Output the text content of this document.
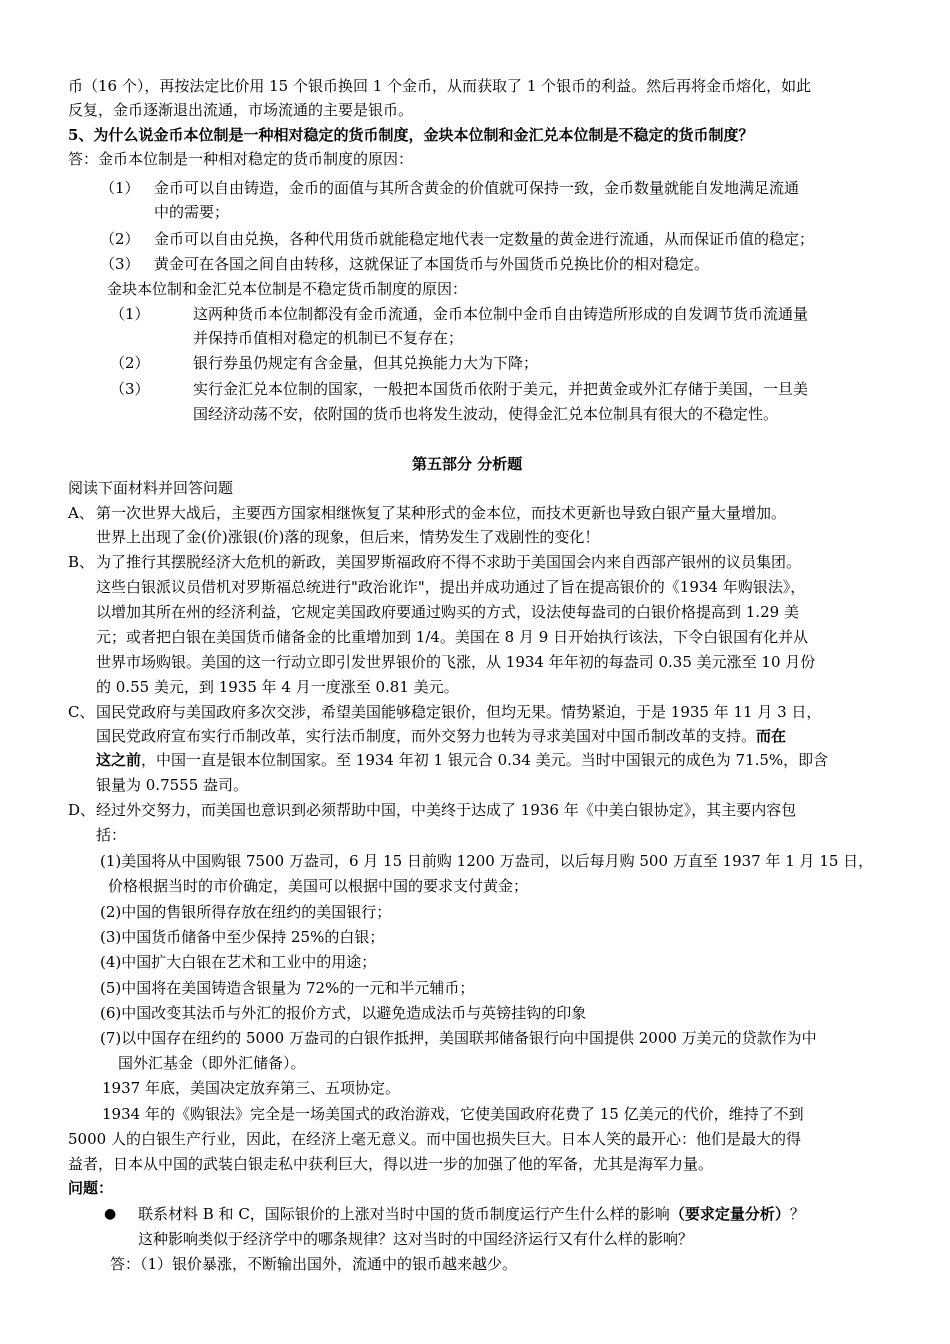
币（16 个），再按法定比价用 15 个银币换回 1 个金币，从而获取了 1 个银币的利益。然后再将金币熔化，如此
反复，金币逐渐退出流通，市场流通的主要是银币。
5、为什么说金币本位制是一种相对稳定的货币制度，金块本位制和金汇兑本位制是不稳定的货币制度？
答：金币本位制是一种相对稳定的货币制度的原因：
（1） 金币可以自由铸造，金币的面值与其所含黄金的价值就可保持一致，金币数量就能自发地满足流通
中的需要；
（2） 金币可以自由兑换，各种代用货币就能稳定地代表一定数量的黄金进行流通，从而保证币值的稳定；
（3） 黄金可在各国之间自由转移，这就保证了本国货币与外国货币兑换比价的相对稳定。
金块本位制和金汇兑本位制是不稳定货币制度的原因：
（1）	这两种货币本位制都没有金币流通，金币本位制中金币自由铸造所形成的自发调节货币流通量
并保持币值相对稳定的机制已不复存在；
（2）	银行券虽仍规定有含金量，但其兑换能力大为下降；
（3）	实行金汇兑本位制的国家，一般把本国货币依附于美元，并把黄金或外汇存储于美国，一旦美
国经济动荡不安，依附国的货币也将发生波动，使得金汇兑本位制具有很大的不稳定性。
第五部分 分析题
阅读下面材料并回答问题
A、 第一次世界大战后，主要西方国家相继恢复了某种形式的金本位，而技术更新也导致白银产量大量增加。
世界上出现了金(价)涨银(价)落的现象，但后来，情势发生了戏剧性的变化！
B、 为了推行其摆脱经济大危机的新政，美国罗斯福政府不得不求助于美国国会内来自西部产银州的议员集团。
这些白银派议员借机对罗斯福总统进行"政治讹诈"，提出并成功通过了旨在提高银价的《1934 年购银法》，
以增加其所在州的经济利益，它规定美国政府要通过购买的方式，设法使每盎司的白银价格提高到 1.29 美
元；或者把白银在美国货币储备金的比重增加到 1/4。美国在 8 月 9 日开始执行该法，下令白银国有化并从
世界市场购银。美国的这一行动立即引发世界银价的飞涨，从 1934 年年初的每盎司 0.35 美元涨至 10 月份
的 0.55 美元，到 1935 年 4 月一度涨至 0.81 美元。
C、 国民党政府与美国政府多次交涉，希望美国能够稳定银价，但均无果。情势紧迫，于是 1935 年 11 月 3 日，
国民党政府宣布实行币制改革，实行法币制度，而外交努力也转为寻求美国对中国币制改革的支持。而在
这之前，中国一直是银本位制国家。至 1934 年初 1 银元合 0.34 美元。当时中国银元的成色为 71.5%，即含
银量为 0.7555 盎司。
D、 经过外交努力，而美国也意识到必须帮助中国，中美终于达成了 1936 年《中美白银协定》，其主要内容包
括：
(1)美国将从中国购银 7500 万盎司，6 月 15 日前购 1200 万盎司，以后每月购 500 万直至 1937 年 1 月 15 日，
价格根据当时的市价确定，美国可以根据中国的要求支付黄金；
(2)中国的售银所得存放在纽约的美国银行；
(3)中国货币储备中至少保持 25%的白银；
(4)中国扩大白银在艺术和工业中的用途；
(5)中国将在美国铸造含银量为 72%的一元和半元辅币；
(6)中国改变其法币与外汇的报价方式，以避免造成法币与英镑挂钩的印象
(7)以中国存在纽约的 5000 万盎司的白银作抵押，美国联邦储备银行向中国提供 2000 万美元的贷款作为中
国外汇基金（即外汇储备）。
1937 年底，美国决定放弃第三、五项协定。
1934 年的《购银法》完全是一场美国式的政治游戏，它使美国政府花费了 15 亿美元的代价，维持了不到
5000 人的白银生产行业，因此，在经济上毫无意义。而中国也损失巨大。日本人笑的最开心：他们是最大的得
益者，日本从中国的武装白银走私中获利巨大，得以进一步的加强了他的军备，尤其是海军力量。
问题：
● 联系材料 B 和 C，国际银价的上涨对当时中国的货币制度运行产生什么样的影响（要求定量分析）？
这种影响类似于经济学中的哪条规律？这对当时的中国经济运行又有什么样的影响？
答：（1）银价暴涨，不断输出国外，流通中的银币越来越少。
